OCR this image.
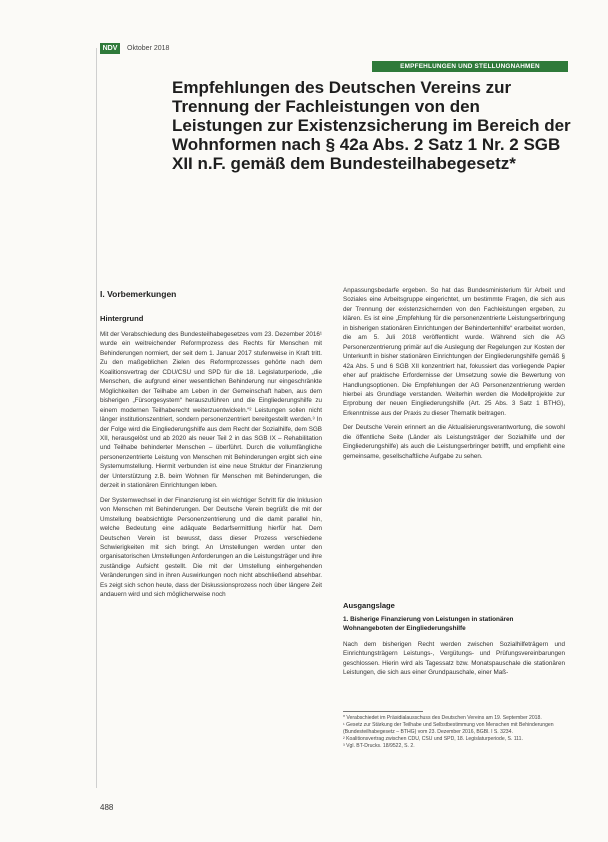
NDV	Oktober 2018
EMPFEHLUNGEN UND STELLUNGNAHMEN
Empfehlungen des Deutschen Vereins zur Trennung der Fachleistungen von den Leistungen zur Existenzsicherung im Bereich der Wohnformen nach § 42a Abs. 2 Satz 1 Nr. 2 SGB XII n.F. gemäß dem Bundesteilhabegesetz*
I. Vorbemerkungen
Hintergrund

Mit der Verabschiedung des Bundesteilhabegesetzes vom 23. Dezember 2016¹ wurde ein weitreichender Reformprozess des Rechts für Menschen mit Behinderungen normiert, der seit dem 1. Januar 2017 stufenweise in Kraft tritt. Zu den maßgeblichen Zielen des Reformprozesses gehörte nach dem Koalitionsvertrag der CDU/CSU und SPD für die 18. Legislaturperiode, „die Menschen, die aufgrund einer wesentlichen Behinderung nur eingeschränkte Möglichkeiten der Teilhabe am Leben in der Gemeinschaft haben, aus dem bisherigen „Fürsorgesystem“ herauszuführen und die Eingliederungshilfe zu einem modernen Teilhaberecht weiterzuentwickeln.“² Leistungen sollen nicht länger institutionszentriert, sondern personenzentriert bereitgestellt werden.³ In der Folge wird die Eingliederungshilfe aus dem Recht der Sozialhilfe, dem SGB XII, herausgelöst und ab 2020 als neuer Teil 2 in das SGB IX – Rehabilitation und Teilhabe behinderter Menschen – überführt. Durch die vollumfängliche personenzentrierte Leistung von Menschen mit Behinderungen ergibt sich eine Systemumstellung. Hiermit verbunden ist eine neue Struktur der Finanzierung der Unterstützung z.B. beim Wohnen für Menschen mit Behinderungen, die derzeit in stationären Einrichtungen leben.

Der Systemwechsel in der Finanzierung ist ein wichtiger Schritt für die Inklusion von Menschen mit Behinderungen. Der Deutsche Verein begrüßt die mit der Umstellung beabsichtigte Personenzentrierung und die damit parallel hin, welche Bedeutung eine adäquate Bedarfsermittlung hierfür hat. Dem Deutschen Verein ist bewusst, dass dieser Prozess verschiedene Schwierigkeiten mit sich bringt. An Umstellungen werden unter den organisatorischen Umstellungen Anforderungen an die Leistungsträger und ihre zuständige Aufsicht gestellt. Die mit der Umstellung einhergehenden Veränderungen sind in ihren Auswirkungen noch nicht abschließend absehbar. Es zeigt sich schon heute, dass der Diskussionsprozess noch über längere Zeit andauern wird und sich möglicherweise noch

Anpassungsbedarfe ergeben. So hat das Bundesministerium für Arbeit und Soziales eine Arbeitsgruppe eingerichtet, um bestimmte Fragen, die sich aus der Trennung der existenzsichernden von den Fachleistungen ergeben, zu klären. Es ist eine „Empfehlung für die personenzentrierte Leistungserbringung in bisherigen stationären Einrichtungen der Behindertenhilfe“ erarbeitet worden, die am 5. Juli 2018 veröffentlicht wurde. Während sich die AG Personenzentrierung primär auf die Auslegung der Regelungen zur Kosten der Unterkunft in bisher stationären Einrichtungen der Eingliederungshilfe gemäß § 42a Abs. 5 und 6 SGB XII konzentriert hat, fokussiert das vorliegende Papier eher auf praktische Erfordernisse der Umsetzung sowie die Bewertung von Handlungsoptionen. Die Empfehlungen der AG Personenzentrierung werden hierbei als Grundlage verstanden. Weiterhin werden die Modellprojekte zur Erprobung der neuen Eingliederungshilfe (Art. 25 Abs. 3 Satz 1 BTHG), Erkenntnisse aus der Praxis zu dieser Thematik beitragen.

Der Deutsche Verein erinnert an die Aktualisierungsverantwortung, die sowohl die öffentliche Seite (Länder als Leistungsträger der Sozialhilfe und der Eingliederungshilfe) als auch die Leistungserbringer betrifft, und empfiehlt eine gemeinsame, gesellschaftliche Aufgabe zu sehen.

Ausgangslage
1. Bisherige Finanzierung von Leistungen in stationären Wohnangeboten der Eingliederungshilfe

Nach dem bisherigen Recht werden zwischen Sozialhilfeträgern und Einrichtungsträgern Leistungs-, Vergütungs- und Prüfungsvereinbarungen geschlossen. Hierin wird als Tagessatz bzw. Monatspauschale die stationären Leistungen, die sich aus einer Grundpauschale, einer Maß-

* Verabschiedet im Präsidialausschuss des Deutschen Vereins am 19. September 2018.

¹ Gesetz zur Stärkung der Teilhabe und Selbstbestimmung von Menschen mit Behinderungen (Bundesteilhabegesetz – BTHG) vom 23. Dezember 2016, BGBl. I S. 3234.

² Koalitionsvertrag zwischen CDU, CSU und SPD, 18. Legislaturperiode, S. 111.

³ Vgl. BT-Drucks. 18/9522, S. 2.

488
